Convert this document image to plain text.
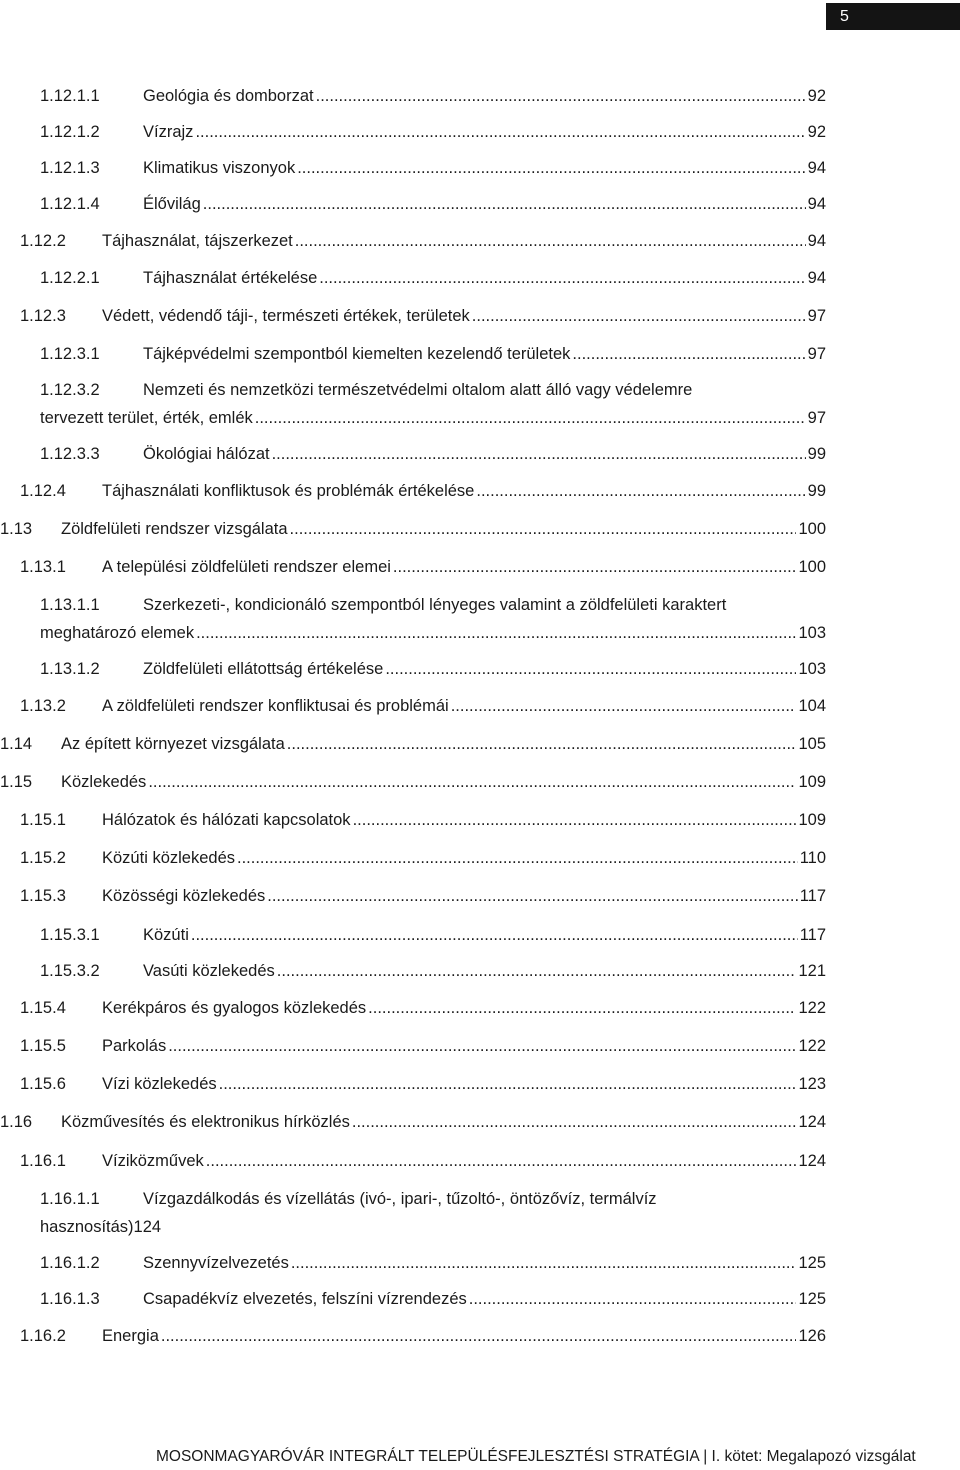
5
1.12.1.1	Geológia és domborzat .....	92
1.12.1.2	Vízrajz .....	92
1.12.1.3	Klimatikus viszonyok .....	94
1.12.1.4	Élővilág .....	94
1.12.2	Tájhasználat, tájszerkezet .....	94
1.12.2.1	Tájhasználat értékelése .....	94
1.12.3	Védett, védendő táji-, természeti értékek, területek .....	97
1.12.3.1	Tájképvédelmi szempontból kiemelten kezelendő területek .....	97
1.12.3.2	Nemzeti és nemzetközi természetvédelmi oltalom alatt álló vagy védelemre
tervezett terület, érték, emlék .....	97
1.12.3.3	Ökológiai hálózat .....	99
1.12.4	Tájhasználati konfliktusok és problémák értékelése .....	99
1.13	Zöldfelületi rendszer vizsgálata .....	100
1.13.1	A települési zöldfelületi rendszer elemei .....	100
1.13.1.1	Szerkezeti-, kondicionáló szempontból lényeges valamint a zöldfelületi karaktert
meghatározó elemek .....	103
1.13.1.2	Zöldfelületi ellátottság értékelése .....	103
1.13.2	A zöldfelületi rendszer konfliktusai és problémái .....	104
1.14	Az épített környezet vizsgálata .....	105
1.15	Közlekedés .....	109
1.15.1	Hálózatok és hálózati kapcsolatok .....	109
1.15.2	Közúti közlekedés .....	110
1.15.3	Közösségi közlekedés .....	117
1.15.3.1	Közúti .....	117
1.15.3.2	Vasúti közlekedés .....	121
1.15.4	Kerékpáros és gyalogos közlekedés .....	122
1.15.5	Parkolás .....	122
1.15.6	Vízi közlekedés .....	123
1.16	Közművesítés és elektronikus hírközlés .....	124
1.16.1	Víziközművek .....	124
1.16.1.1	Vízgazdálkodás és vízellátás (ivó-, ipari-, tűzoltó-, öntözővíz, termálvíz
hasznosítás) 124
1.16.1.2	Szennyvízelvezetés .....	125
1.16.1.3	Csapadékvíz elvezetés, felszíni vízrendezés .....	125
1.16.2	Energia .....	126
MOSONMAGYARÓVÁR INTEGRÁLT TELEPÜLÉSFEJLESZTÉSI STRATÉGIA | I. kötet: Megalapozó vizsgálat
